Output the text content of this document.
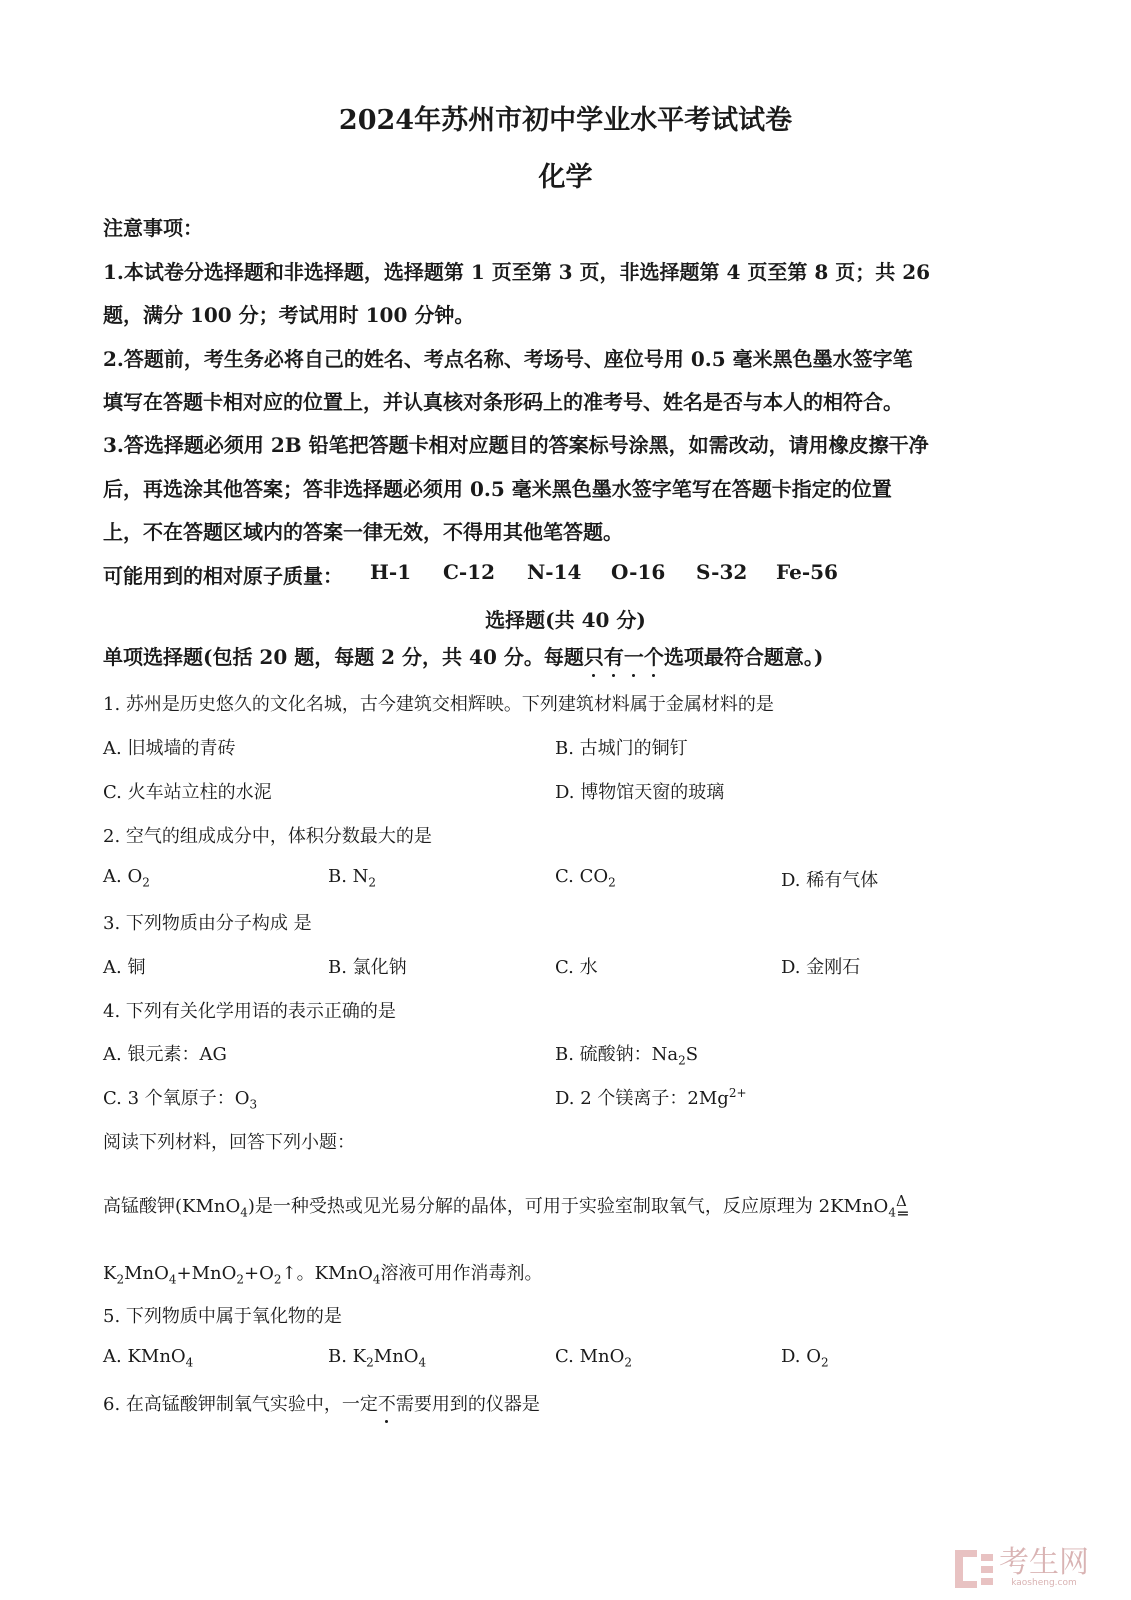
2024年苏州市初中学业水平考试试卷
化学
注意事项：
1.本试卷分选择题和非选择题，选择题第 1 页至第 3 页，非选择题第 4 页至第 8 页；共 26
题，满分 100 分；考试用时 100 分钟。
2.答题前，考生务必将自己的姓名、考点名称、考场号、座位号用 0.5 毫米黑色墨水签字笔
填写在答题卡相对应的位置上，并认真核对条形码上的准考号、姓名是否与本人的相符合。
3.答选择题必须用 2B 铅笔把答题卡相对应题目的答案标号涂黑，如需改动，请用橡皮擦干净
后，再选涂其他答案；答非选择题必须用 0.5 毫米黑色墨水签字笔写在答题卡指定的位置
上，不在答题区域内的答案一律无效，不得用其他笔答题。
可能用到的相对原子质量： H-1 C-12 N-14 O-16 S-32 Fe-56
选择题(共 40 分)
单项选择题(包括 20 题，每题 2 分，共 40 分。每题只有一个选项最符合题意。)
1. 苏州是历史悠久的文化名城，古今建筑交相辉映。下列建筑材料属于金属材料的是
A. 旧城墙的青砖	B. 古城门的铜钉
C. 火车站立柱的水泥	D. 博物馆天窗的玻璃
2. 空气的组成成分中，体积分数最大的是
A. $O_2$	B. $N_2$	C. $CO_2$	D. 稀有气体
3. 下列物质由分子构成 是
A. 铜	B. 氯化钠	C. 水	D. 金刚石
4. 下列有关化学用语的表示正确的是
A. 银元素：AG	B. 硫酸钠：$Na_2S$
C. 3 个氧原子：$O_3$	D. 2 个镁离子：$2Mg^{2+}$
阅读下列材料，回答下列小题：
高锰酸钾(KMnO$_4$)是一种受热或见光易分解的晶体，可用于实验室制取氧气，反应原理为 2KMnO$_4$
Δ
═
$K_2MnO_4+MnO_2+O_2↑$。KMnO$_4$溶液可用作消毒剂。
5. 下列物质中属于氧化物的是
A. KMnO$_4$	B. $K_2MnO_4$	C. MnO$_2$	D. $O_2$
6. 在高锰酸钾制氧气实验中，一定不需要用到的仪器是
考生网
kaosheng.com
